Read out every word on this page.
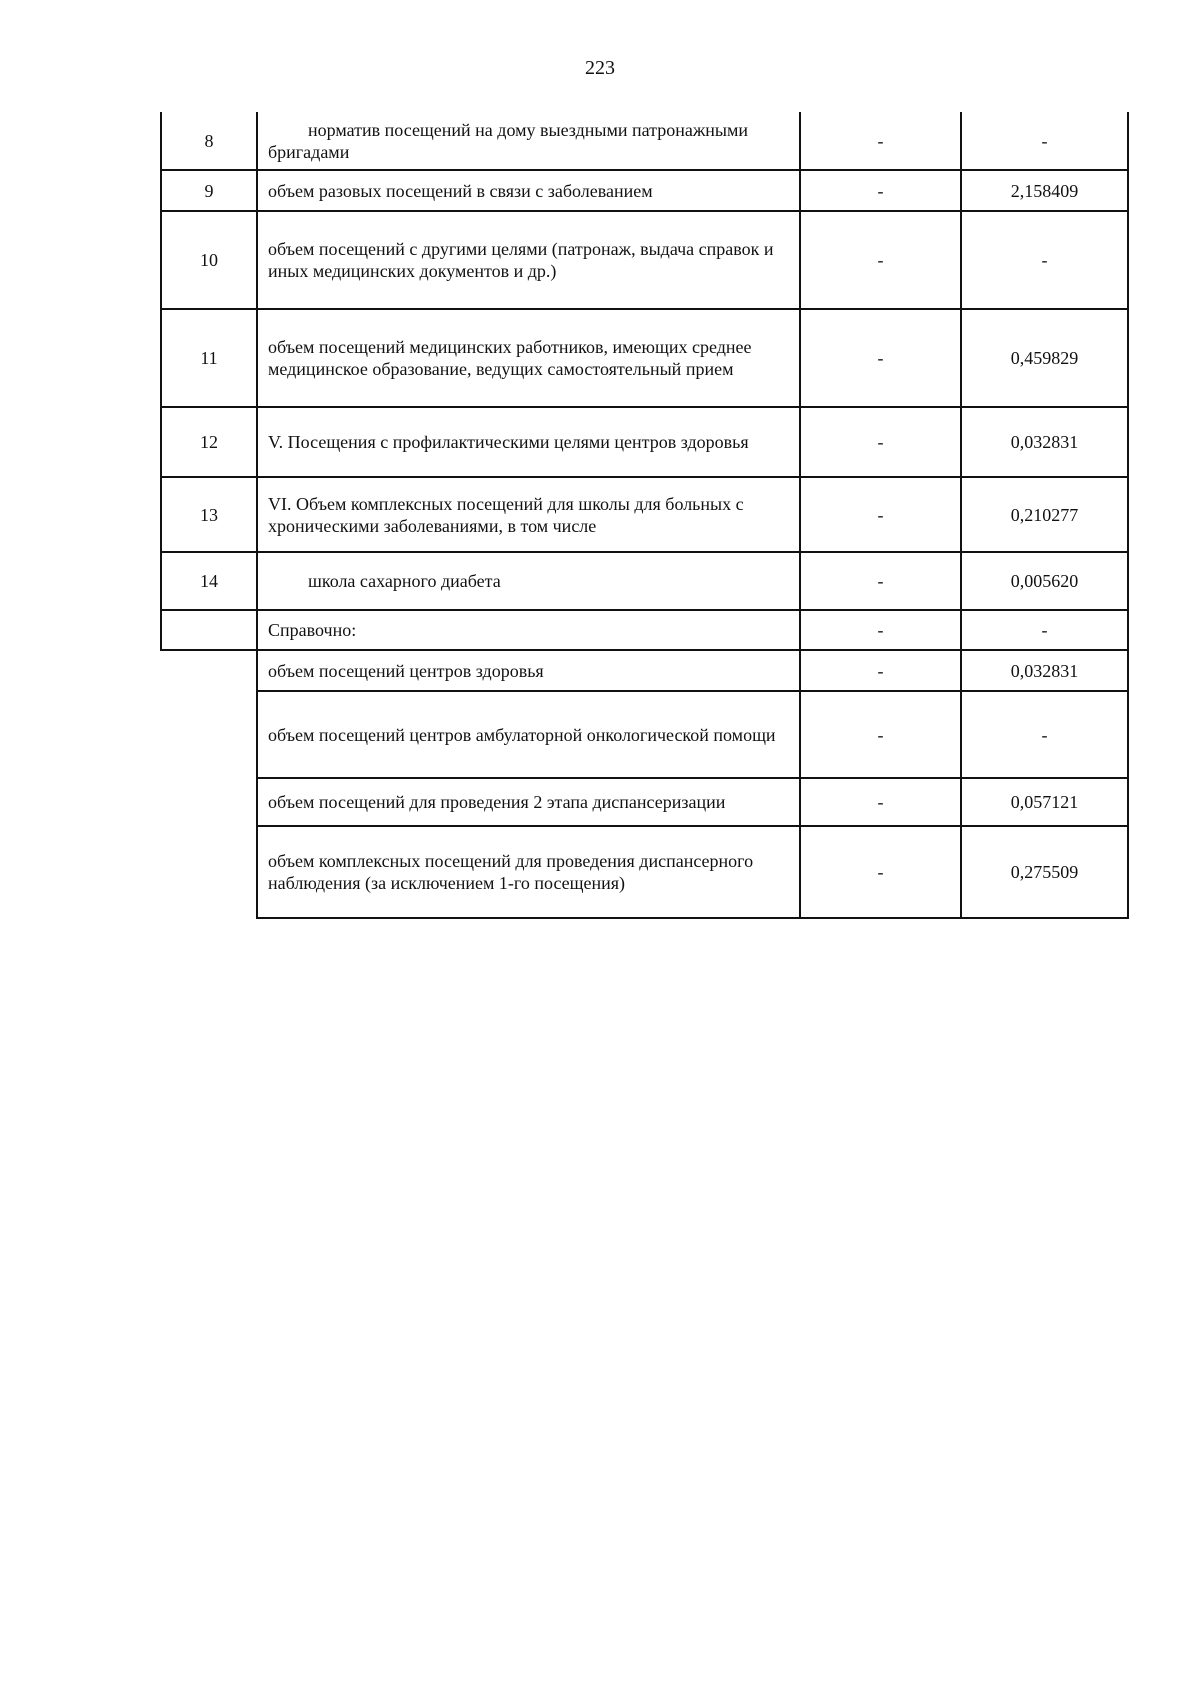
223
8	норматив посещений на дому выездными патронажными бригадами	-	-
9	объем разовых посещений в связи с заболеванием	-	2,158409
10	объем посещений с другими целями (патронаж, выдача справок и иных медицинских документов и др.)	-	-
11	объем посещений медицинских работников, имеющих среднее медицинское образование, ведущих самостоятельный прием	-	0,459829
12	V. Посещения с профилактическими целями центров здоровья	-	0,032831
13	VI. Объем комплексных посещений для школы для больных с хроническими заболеваниями, в том числе	-	0,210277
14	школа сахарного диабета	-	0,005620
	Справочно:	-	-
	объем посещений центров здоровья	-	0,032831
	объем посещений центров амбулаторной онкологической помощи	-	-
	объем посещений для проведения 2 этапа диспансеризации	-	0,057121
	объем комплексных посещений для проведения диспансерного наблюдения (за исключением 1-го посещения)	-	0,275509
